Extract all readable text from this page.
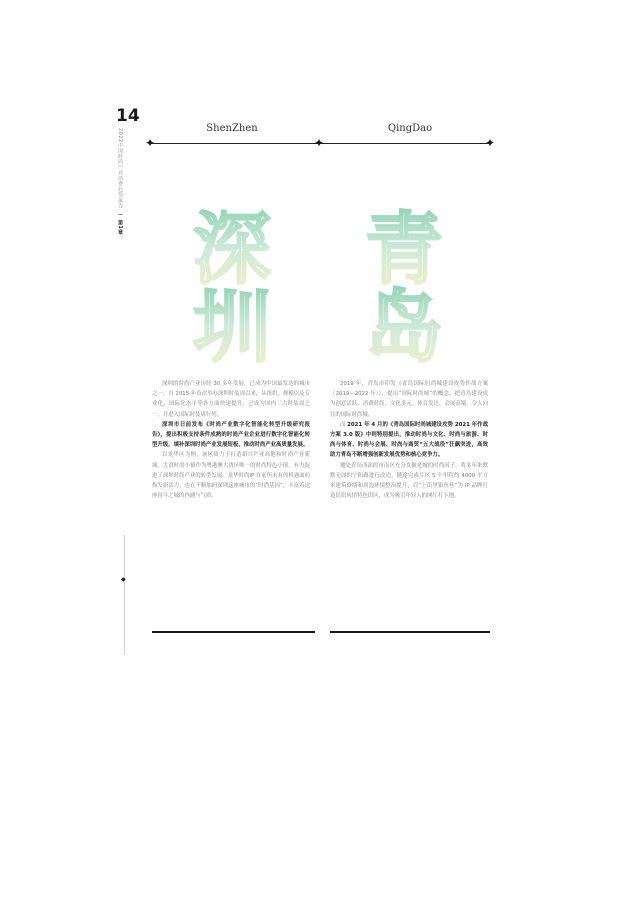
14
2022中国时尚产业消费趋势报告  第1章
◆
✦	✦	✦
ShenZhen	QingDao
深
圳
青
岛

深圳的时尚产业历经 30 多年发展，已成为中国最发达的城市之一。自 2015 年首次举办深圳时装周以来，从组织、规模以及专业化、国际化水平等各方面快速提升，已成为国内三大时装周之一，并进入国际时装周行列。

深圳市日前发布《时尚产业数字化智能化转型升级研究报告》，提出积极支持条件成熟的时尚产业企业进行数字化智能化转型升级，填补深圳时尚产业发展短板，推动时尚产业高质量发展。

以龙华区为例，该区致力于打造新兴产业高地和时尚产业新城。大浪时尚小镇作为粤港澳大湾区唯一的时尚特色小镇，有力促进了深圳时尚产业的转型发展。龙华时尚IP 在前所未有的机遇面前焕发新活力，也在不断加码深圳这座城市的“时尚基因”，丰富着这座奋斗之城的内涵与气质。

2019 年，青岛市印发《青岛国际时尚城建设攻势作战方案（2019—2022 年）》，提出“国际时尚城”的概念，把青岛建设成为创意活跃、消费时尚、文化多元、体育发达、会展高端，令人向往的国际时尚城。

而 2021 年 4 月的《青岛国际时尚城建设攻势 2021 年作战方案 3.0 版》中则特别提出，推动时尚与文化、时尚与旅游、时尚与体育、时尚与会展、时尚与商贸“五大战役”狂飙突进，高效助力青岛不断增强创新发展优势和核心竞争力。

地处青岛西部的市南区充分发掘老城的时尚因子，将多年来默默无闻的宁阳路进行改造，随途完成片区 5 个里院约 4000 平方米建筑修缮和周边环境整治提升，以“上街里银鱼巷”为 IP 品牌打造民宿风情特色街区，成为吸引年轻人的网红打卡地。
